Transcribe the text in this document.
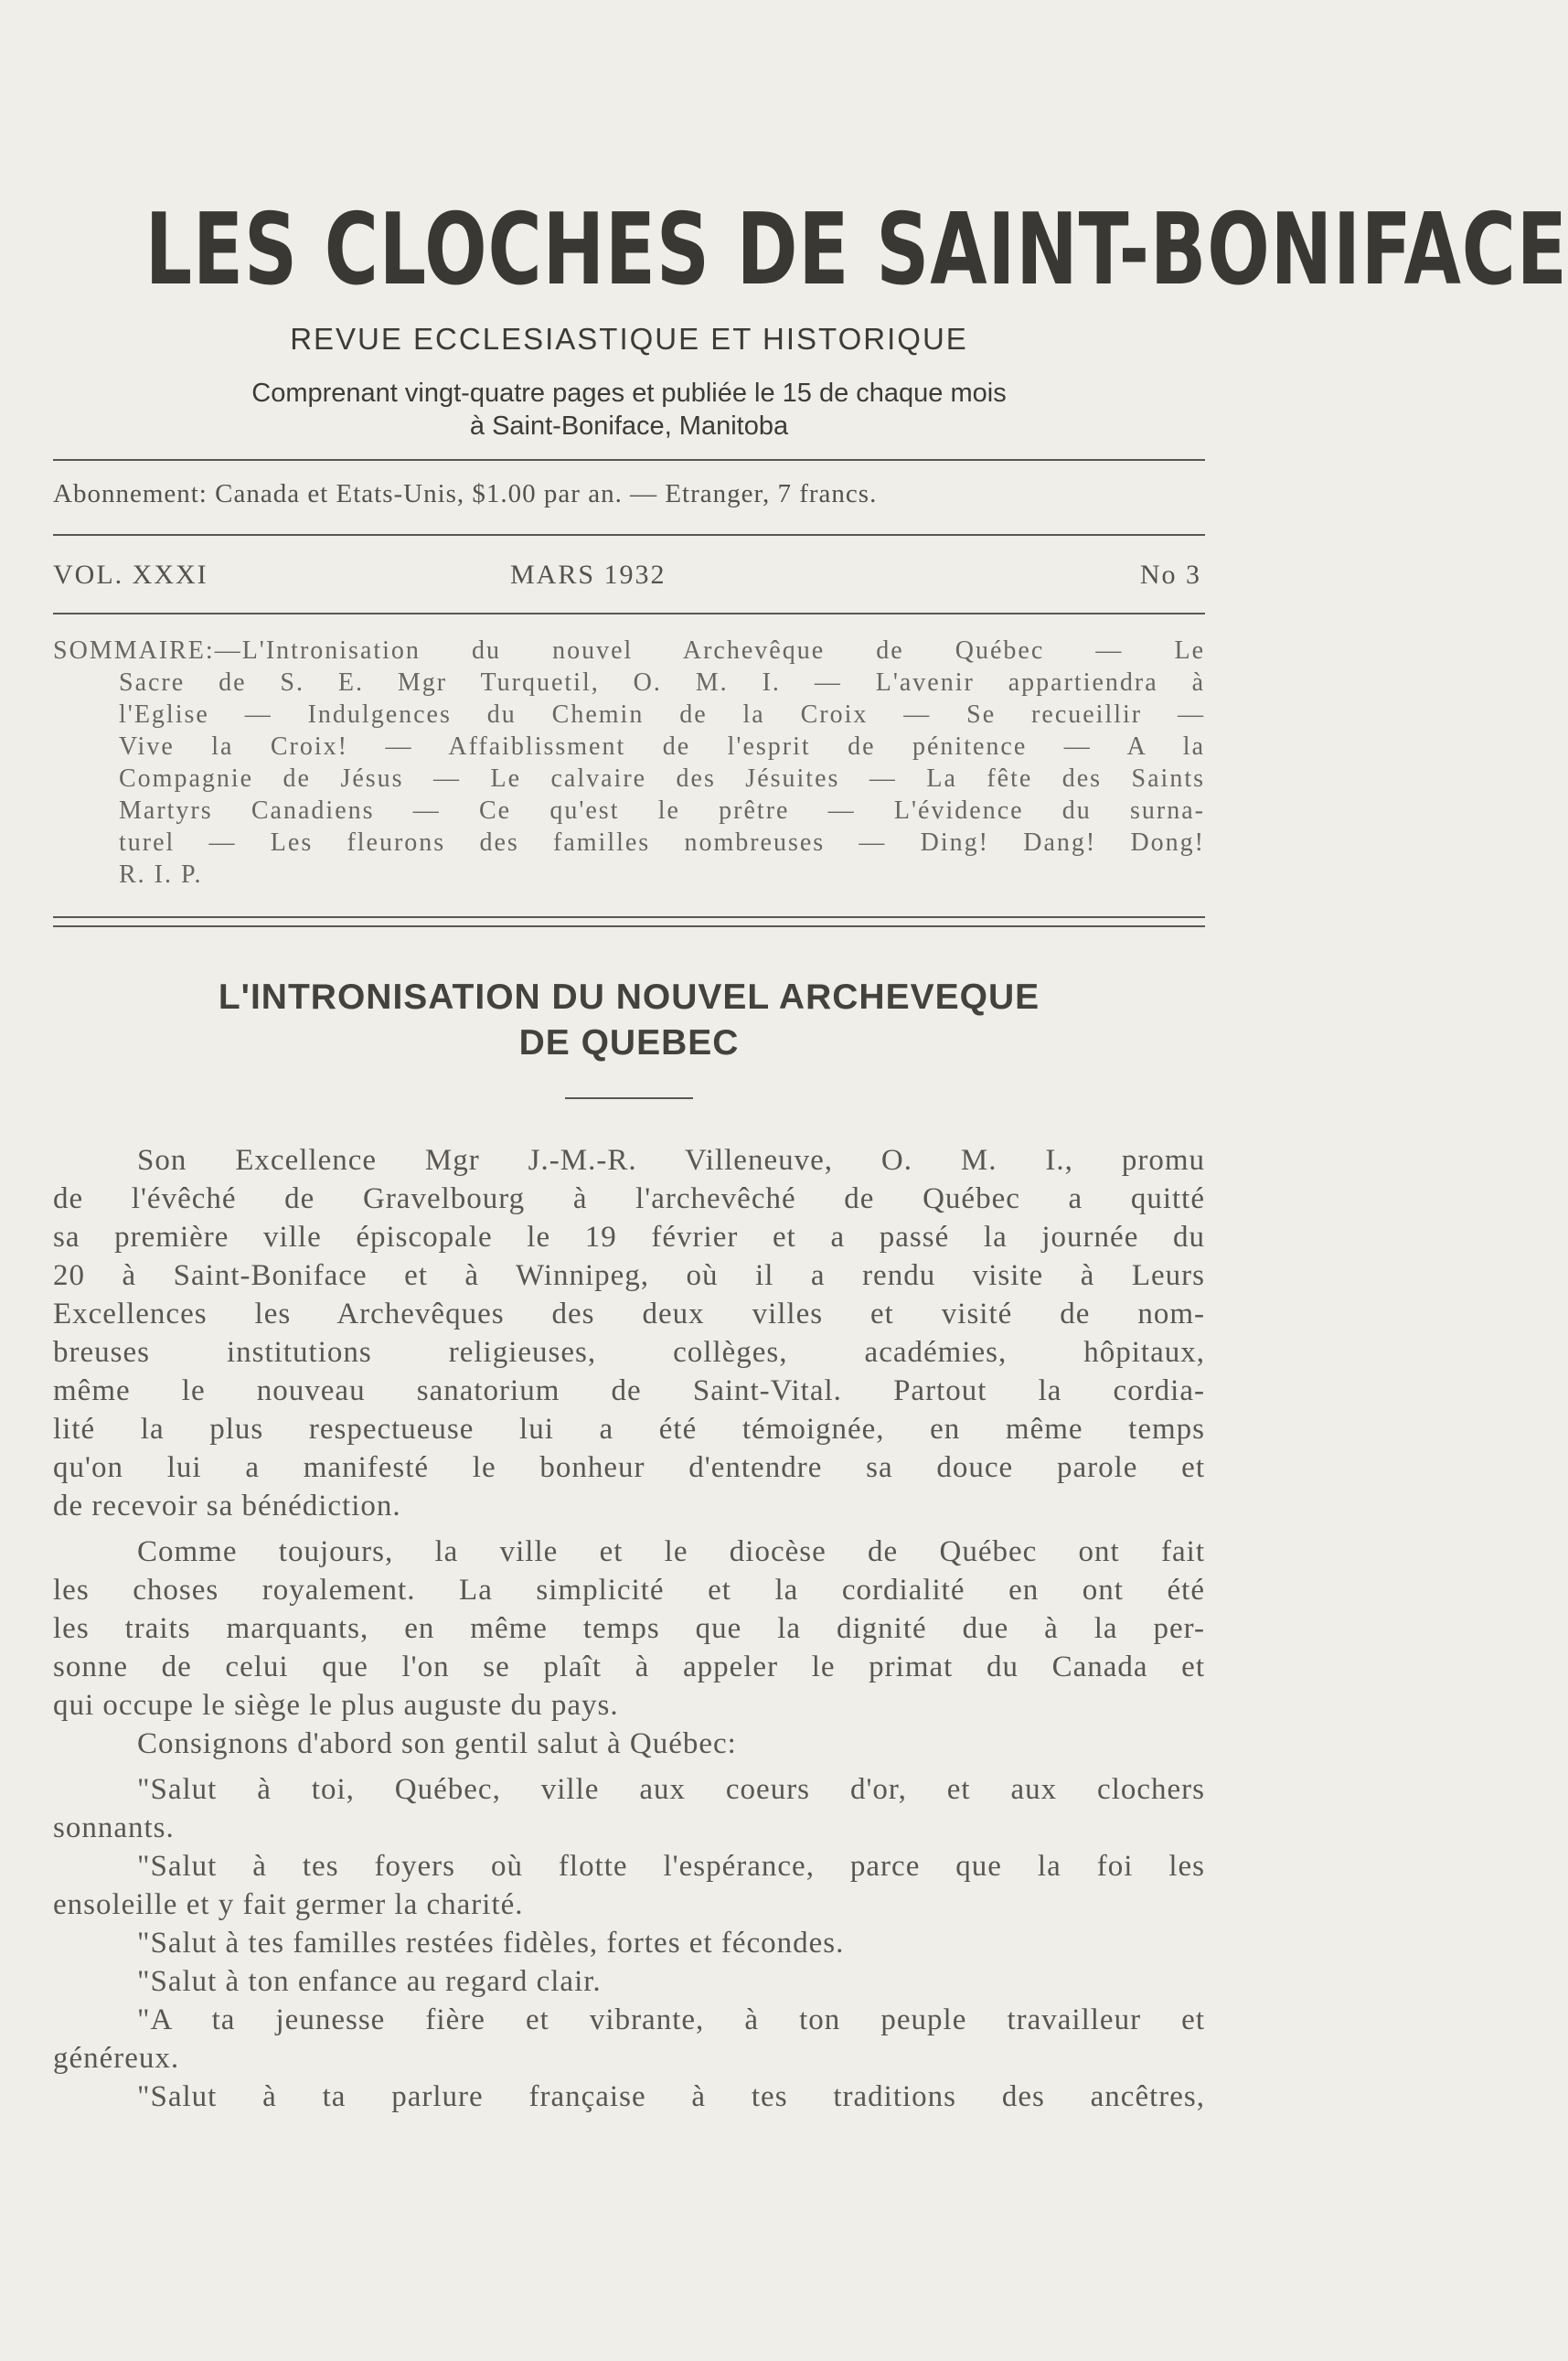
LES CLOCHES DE SAINT-BONIFACE
REVUE ECCLESIASTIQUE ET HISTORIQUE
Comprenant vingt-quatre pages et publiée le 15 de chaque mois
à Saint-Boniface, Manitoba
Abonnement: Canada et Etats-Unis, $1.00 par an. — Etranger, 7 francs.
VOL. XXXI	MARS 1932	No 3
SOMMAIRE:—L'Intronisation du nouvel Archevêque de Québec — Le
Sacre de S. E. Mgr Turquetil, O. M. I. — L'avenir appartiendra à
l'Eglise — Indulgences du Chemin de la Croix — Se recueillir —
Vive la Croix! — Affaiblissment de l'esprit de pénitence — A la
Compagnie de Jésus — Le calvaire des Jésuites — La fête des Saints
Martyrs Canadiens — Ce qu'est le prêtre — L'évidence du surna-
turel — Les fleurons des familles nombreuses — Ding! Dang! Dong!
R. I. P.
L'INTRONISATION DU NOUVEL ARCHEVEQUE
DE QUEBEC
Son Excellence Mgr J.-M.-R. Villeneuve, O. M. I., promu
de l'évêché de Gravelbourg à l'archevêché de Québec a quitté
sa première ville épiscopale le 19 février et a passé la journée du
20 à Saint-Boniface et à Winnipeg, où il a rendu visite à Leurs
Excellences les Archevêques des deux villes et visité de nom-
breuses institutions religieuses, collèges, académies, hôpitaux,
même le nouveau sanatorium de Saint-Vital. Partout la cordia-
lité la plus respectueuse lui a été témoignée, en même temps
qu'on lui a manifesté le bonheur d'entendre sa douce parole et
de recevoir sa bénédiction.
Comme toujours, la ville et le diocèse de Québec ont fait
les choses royalement. La simplicité et la cordialité en ont été
les traits marquants, en même temps que la dignité due à la per-
sonne de celui que l'on se plaît à appeler le primat du Canada et
qui occupe le siège le plus auguste du pays.
Consignons d'abord son gentil salut à Québec:
"Salut à toi, Québec, ville aux coeurs d'or, et aux clochers
sonnants.
"Salut à tes foyers où flotte l'espérance, parce que la foi les
ensoleille et y fait germer la charité.
"Salut à tes familles restées fidèles, fortes et fécondes.
"Salut à ton enfance au regard clair.
"A ta jeunesse fière et vibrante, à ton peuple travailleur et
généreux.
"Salut à ta parlure française à tes traditions des ancêtres,
